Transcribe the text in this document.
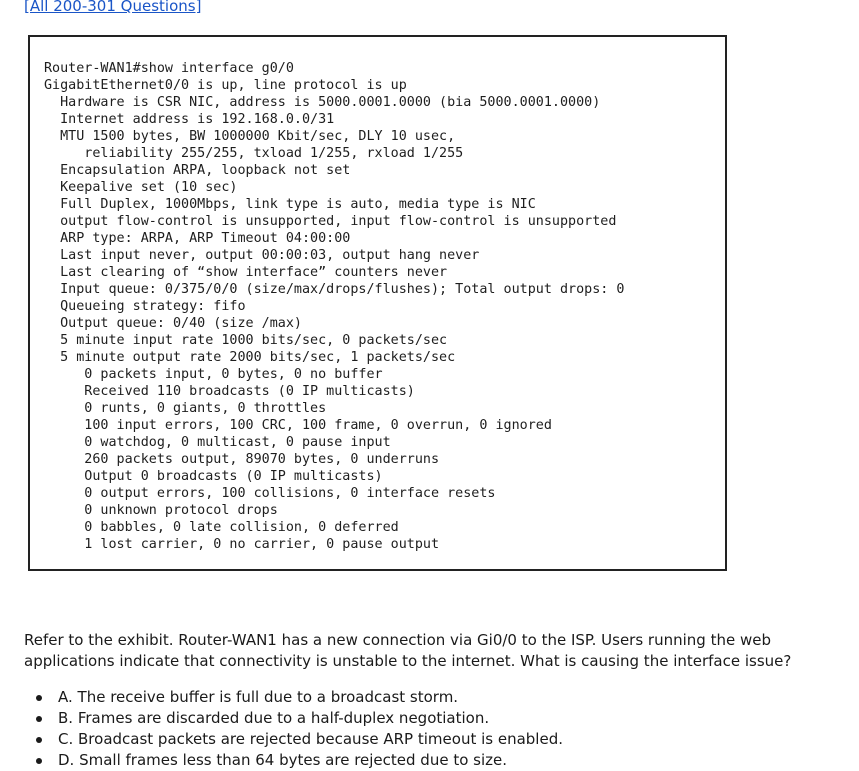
[All 200-301 Questions]
Router-WAN1#show interface g0/0
GigabitEthernet0/0 is up, line protocol is up
Hardware is CSR NIC, address is 5000.0001.0000 (bia 5000.0001.0000)
Internet address is 192.168.0.0/31
MTU 1500 bytes, BW 1000000 Kbit/sec, DLY 10 usec,
reliability 255/255, txload 1/255, rxload 1/255
Encapsulation ARPA, loopback not set
Keepalive set (10 sec)
Full Duplex, 1000Mbps, link type is auto, media type is NIC
output flow-control is unsupported, input flow-control is unsupported
ARP type: ARPA, ARP Timeout 04:00:00
Last input never, output 00:00:03, output hang never
Last clearing of “show interface” counters never
Input queue: 0/375/0/0 (size/max/drops/flushes); Total output drops: 0
Queueing strategy: fifo
Output queue: 0/40 (size /max)
5 minute input rate 1000 bits/sec, 0 packets/sec
5 minute output rate 2000 bits/sec, 1 packets/sec
0 packets input, 0 bytes, 0 no buffer
Received 110 broadcasts (0 IP multicasts)
0 runts, 0 giants, 0 throttles
100 input errors, 100 CRC, 100 frame, 0 overrun, 0 ignored
0 watchdog, 0 multicast, 0 pause input
260 packets output, 89070 bytes, 0 underruns
Output 0 broadcasts (0 IP multicasts)
0 output errors, 100 collisions, 0 interface resets
0 unknown protocol drops
0 babbles, 0 late collision, 0 deferred
1 lost carrier, 0 no carrier, 0 pause output

Refer to the exhibit. Router-WAN1 has a new connection via Gi0/0 to the ISP. Users running the web applications indicate that connectivity is unstable to the internet. What is causing the interface issue?

A. The receive buffer is full due to a broadcast storm.
B. Frames are discarded due to a half-duplex negotiation.
C. Broadcast packets are rejected because ARP timeout is enabled.
D. Small frames less than 64 bytes are rejected due to size.
